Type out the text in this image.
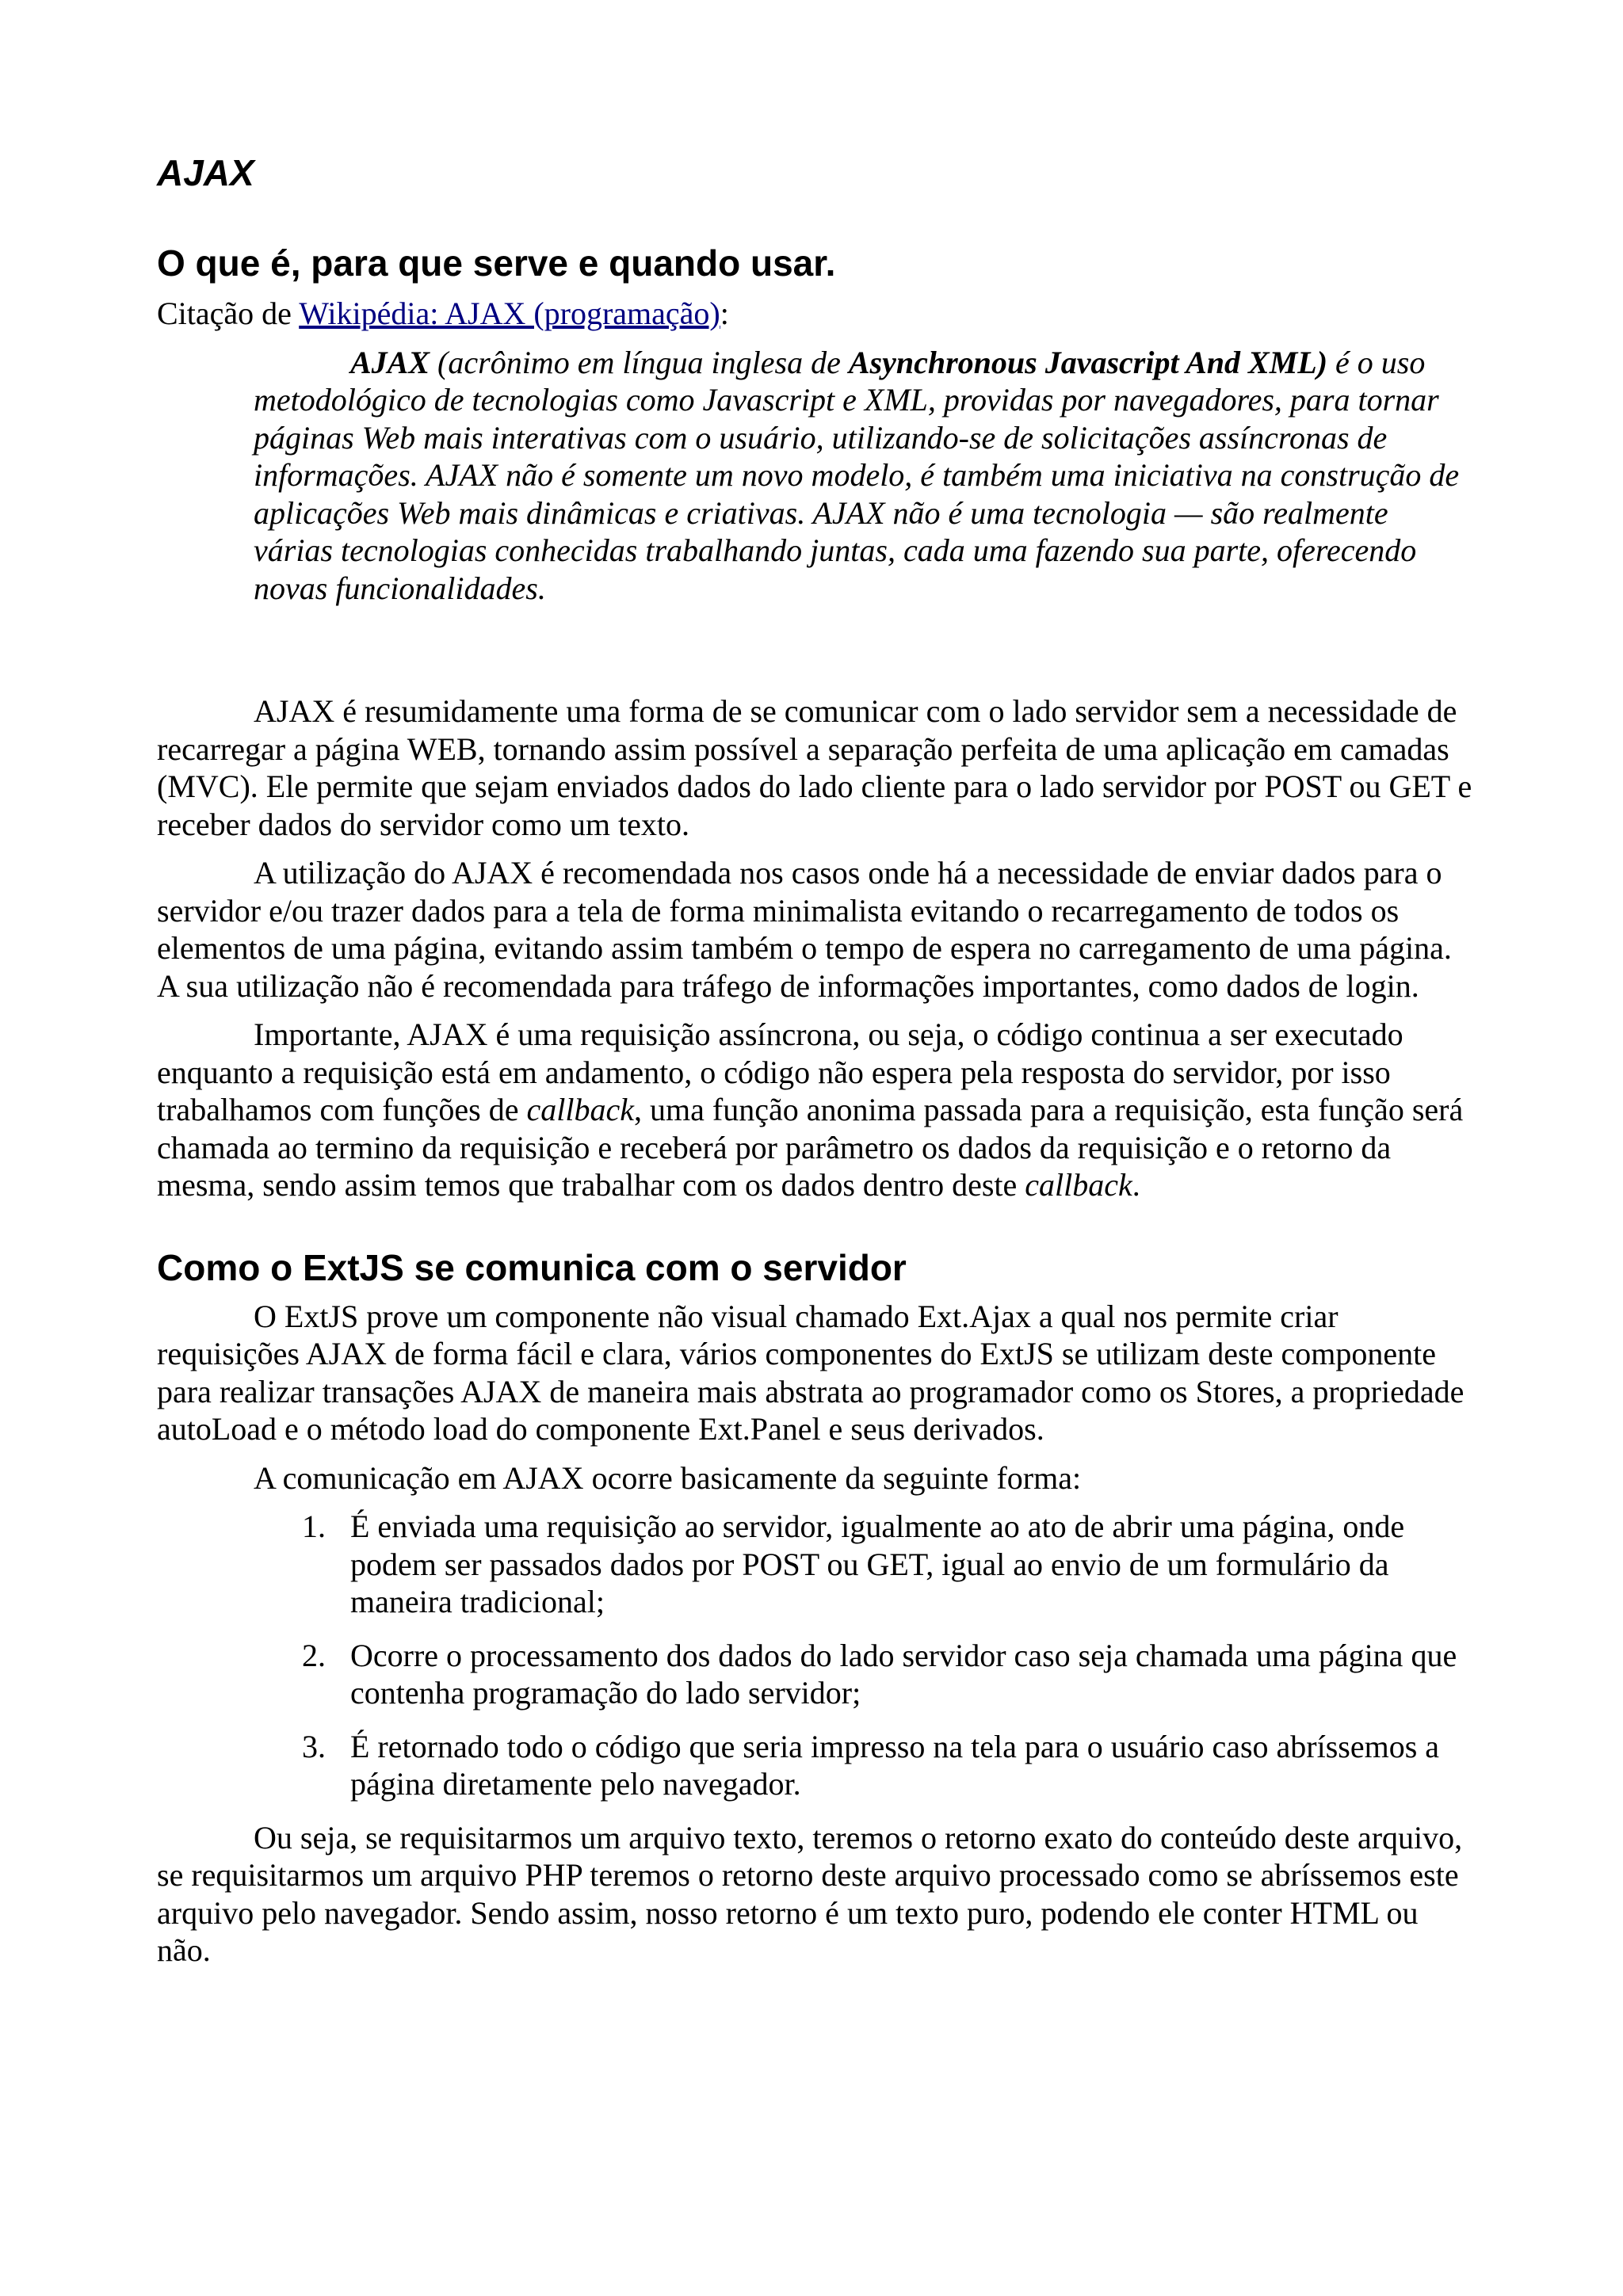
AJAX
O que é, para que serve e quando usar.

Citação de Wikipédia: AJAX (programação):

AJAX (acrônimo em língua inglesa de Asynchronous Javascript And XML) é o uso metodológico de tecnologias como Javascript e XML, providas por navegadores, para tornar páginas Web mais interativas com o usuário, utilizando-se de solicitações assíncronas de informações. AJAX não é somente um novo modelo, é também uma iniciativa na construção de aplicações Web mais dinâmicas e criativas. AJAX não é uma tecnologia — são realmente várias tecnologias conhecidas trabalhando juntas, cada uma fazendo sua parte, oferecendo novas funcionalidades.

AJAX é resumidamente uma forma de se comunicar com o lado servidor sem a necessidade de recarregar a página WEB, tornando assim possível a separação perfeita de uma aplicação em camadas (MVC). Ele permite que sejam enviados dados do lado cliente para o lado servidor por POST ou GET e receber dados do servidor como um texto.

A utilização do AJAX é recomendada nos casos onde há a necessidade de enviar dados para o servidor e/ou trazer dados para a tela de forma minimalista evitando o recarregamento de todos os elementos de uma página, evitando assim também o tempo de espera no carregamento de uma página. A sua utilização não é recomendada para tráfego de informações importantes, como dados de login.

Importante, AJAX é uma requisição assíncrona, ou seja, o código continua a ser executado enquanto a requisição está em andamento, o código não espera pela resposta do servidor, por isso trabalhamos com funções de callback, uma função anonima passada para a requisição, esta função será chamada ao termino da requisição e receberá por parâmetro os dados da requisição e o retorno da mesma, sendo assim temos que trabalhar com os dados dentro deste callback.

Como o ExtJS se comunica com o servidor

O ExtJS prove um componente não visual chamado Ext.Ajax a qual nos permite criar requisições AJAX de forma fácil e clara, vários componentes do ExtJS se utilizam deste componente para realizar transações AJAX de maneira mais abstrata ao programador como os Stores, a propriedade autoLoad e o método load do componente Ext.Panel e seus derivados.

A comunicação em AJAX ocorre basicamente da seguinte forma:

1. É enviada uma requisição ao servidor, igualmente ao ato de abrir uma página, onde podem ser passados dados por POST ou GET, igual ao envio de um formulário da maneira tradicional;
2. Ocorre o processamento dos dados do lado servidor caso seja chamada uma página que contenha programação do lado servidor;
3. É retornado todo o código que seria impresso na tela para o usuário caso abríssemos a página diretamente pelo navegador.

Ou seja, se requisitarmos um arquivo texto, teremos o retorno exato do conteúdo deste arquivo, se requisitarmos um arquivo PHP teremos o retorno deste arquivo processado como se abríssemos este arquivo pelo navegador. Sendo assim, nosso retorno é um texto puro, podendo ele conter HTML ou não.
